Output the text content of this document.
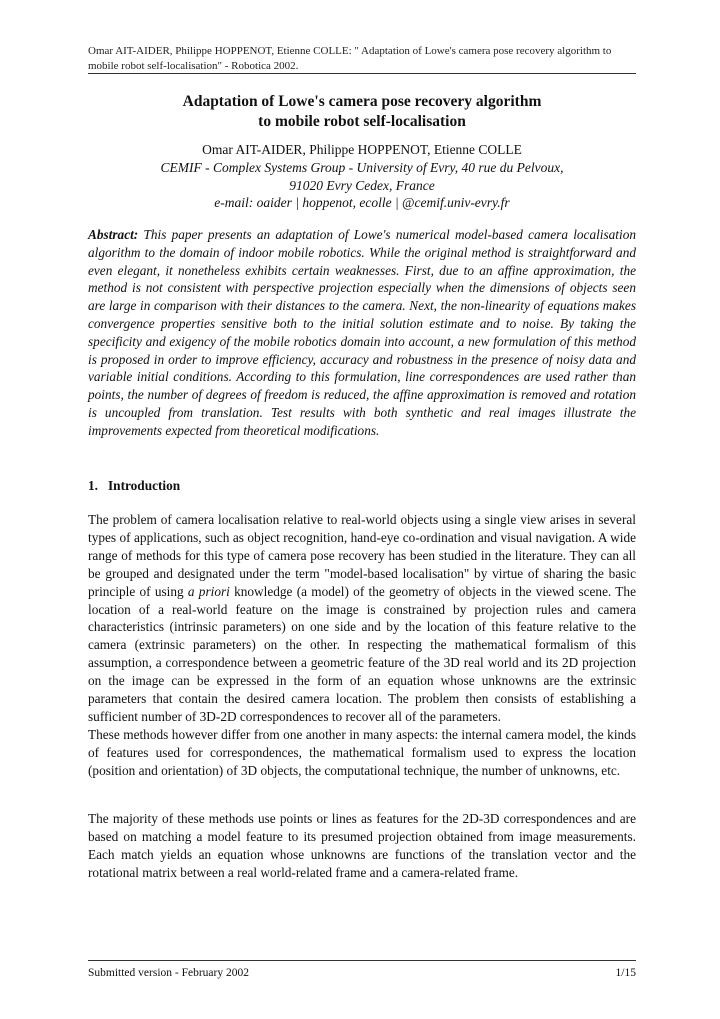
Omar AIT-AIDER, Philippe HOPPENOT, Etienne COLLE: " Adaptation of Lowe's camera pose recovery algorithm to mobile robot self-localisation" - Robotica 2002.
Adaptation of Lowe's camera pose recovery algorithm
to mobile robot self-localisation
Omar AIT-AIDER, Philippe HOPPENOT, Etienne COLLE
CEMIF - Complex Systems Group - University of Evry, 40 rue du Pelvoux,
91020 Evry Cedex, France
e-mail: oaider | hoppenot, ecolle | @cemif.univ-evry.fr
Abstract: This paper presents an adaptation of Lowe's numerical model-based camera localisation algorithm to the domain of indoor mobile robotics. While the original method is straightforward and even elegant, it nonetheless exhibits certain weaknesses. First, due to an affine approximation, the method is not consistent with perspective projection especially when the dimensions of objects seen are large in comparison with their distances to the camera. Next, the non-linearity of equations makes convergence properties sensitive both to the initial solution estimate and to noise. By taking the specificity and exigency of the mobile robotics domain into account, a new formulation of this method is proposed in order to improve efficiency, accuracy and robustness in the presence of noisy data and variable initial conditions. According to this formulation, line correspondences are used rather than points, the number of degrees of freedom is reduced, the affine approximation is removed and rotation is uncoupled from translation. Test results with both synthetic and real images illustrate the improvements expected from theoretical modifications.
1. Introduction

The problem of camera localisation relative to real-world objects using a single view arises in several types of applications, such as object recognition, hand-eye co-ordination and visual navigation. A wide range of methods for this type of camera pose recovery has been studied in the literature. They can all be grouped and designated under the term "model-based localisation" by virtue of sharing the basic principle of using a priori knowledge (a model) of the geometry of objects in the viewed scene. The location of a real-world feature on the image is constrained by projection rules and camera characteristics (intrinsic parameters) on one side and by the location of this feature relative to the camera (extrinsic parameters) on the other. In respecting the mathematical formalism of this assumption, a correspondence between a geometric feature of the 3D real world and its 2D projection on the image can be expressed in the form of an equation whose unknowns are the extrinsic parameters that contain the desired camera location. The problem then consists of establishing a sufficient number of 3D-2D correspondences to recover all of the parameters.

These methods however differ from one another in many aspects: the internal camera model, the kinds of features used for correspondences, the mathematical formalism used to express the location (position and orientation) of 3D objects, the computational technique, the number of unknowns, etc.

The majority of these methods use points or lines as features for the 2D-3D correspondences and are based on matching a model feature to its presumed projection obtained from image measurements. Each match yields an equation whose unknowns are functions of the translation vector and the rotational matrix between a real world-related frame and a camera-related frame.

Submitted version - February 2002	1/15
